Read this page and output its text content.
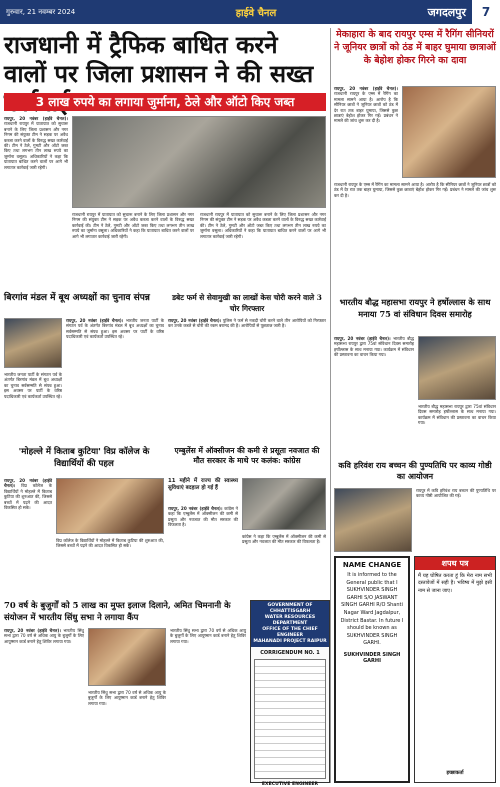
गुरुवार, 21 नवम्बर 2024	हाईवे चैनल	जगदलपुर	7
राजधानी में ट्रैफिक बाधित करने वालों पर जिला प्रशासन ने की सख्त
3 लाख रुपये का लगाया जुर्माना, ठेले और ऑटो किए जब्त
रायपुर, 20 नवंबर (हाईवे चैनल)। राजधानी रायपुर में यातायात को सुचारू बनाने के लिए जिला प्रशासन और नगर निगम की संयुक्त टीम ने सड़क पर अवैध कब्जा करने वालों के विरुद्ध सख्त कार्रवाई की। टीम ने ठेले, गुमटी और ऑटो जब्त किए तथा लगभग तीन लाख रुपये का जुर्माना वसूला। अधिकारियों ने कहा कि यातायात बाधित करने वालों पर आगे भी लगातार कार्रवाई जारी रहेगी।
राजधानी रायपुर में यातायात को सुचारू बनाने के लिए जिला प्रशासन और नगर निगम की संयुक्त टीम ने सड़क पर अवैध कब्जा करने वालों के विरुद्ध सख्त कार्रवाई की। टीम ने ठेले, गुमटी और ऑटो जब्त किए तथा लगभग तीन लाख रुपये का जुर्माना वसूला। अधिकारियों ने कहा कि यातायात बाधित करने वालों पर आगे भी लगातार कार्रवाई जारी रहेगी।
राजधानी रायपुर में यातायात को सुचारू बनाने के लिए जिला प्रशासन और नगर निगम की संयुक्त टीम ने सड़क पर अवैध कब्जा करने वालों के विरुद्ध सख्त कार्रवाई की। टीम ने ठेले, गुमटी और ऑटो जब्त किए तथा लगभग तीन लाख रुपये का जुर्माना वसूला। अधिकारियों ने कहा कि यातायात बाधित करने वालों पर आगे भी लगातार कार्रवाई जारी रहेगी।
मेकाहारा के बाद रायपुर एम्स में रैगिंग सीनियरों ने जूनियर छात्रों को ठंड में बाहर घुमाया छात्राओं के बेहोश होकर गिरने का दावा
रायपुर, 20 नवंबर (हाईवे चैनल)। राजधानी रायपुर के एम्स में रैगिंग का मामला सामने आया है। आरोप है कि सीनियर छात्रों ने जूनियर छात्रों को ठंड में देर रात तक बाहर घुमाया, जिससे कुछ छात्राएं बेहोश होकर गिर गईं। प्रबंधन ने मामले की जांच शुरू कर दी है।
राजधानी रायपुर के एम्स में रैगिंग का मामला सामने आया है। आरोप है कि सीनियर छात्रों ने जूनियर छात्रों को ठंड में देर रात तक बाहर घुमाया, जिससे कुछ छात्राएं बेहोश होकर गिर गईं। प्रबंधन ने मामले की जांच शुरू कर दी है।
बिरगांव मंडल में बूथ अध्यक्षों का चुनाव संपन्न
रायपुर, 20 नवंबर (हाईवे चैनल)। भारतीय जनता पार्टी के संगठन पर्व के अंतर्गत बिरगांव मंडल में बूथ अध्यक्षों का चुनाव सर्वसम्मति से संपन्न हुआ। इस अवसर पर पार्टी के वरिष्ठ पदाधिकारी एवं कार्यकर्ता उपस्थित रहे।
भारतीय जनता पार्टी के संगठन पर्व के अंतर्गत बिरगांव मंडल में बूथ अध्यक्षों का चुनाव सर्वसम्मति से संपन्न हुआ। इस अवसर पर पार्टी के वरिष्ठ पदाधिकारी एवं कार्यकर्ता उपस्थित रहे।
डबेट फर्म से सेवामुखी का लाखों केस चोरी करने वाले 3 चोर गिरफ्तार
रायपुर, 20 नवंबर (हाईवे चैनल)। पुलिस ने फर्म से नकदी चोरी करने वाले तीन आरोपियों को गिरफ्तार कर उनके कब्जे से चोरी की रकम बरामद की है। आरोपियों से पूछताछ जारी है।
भारतीय बौद्ध महासभा रायपुर ने हर्षोल्लास के साथ मनाया 75 वां संविधान दिवस समारोह
रायपुर, 20 नवंबर (हाईवे चैनल)। भारतीय बौद्ध महासभा रायपुर द्वारा 75वां संविधान दिवस समारोह हर्षोल्लास के साथ मनाया गया। कार्यक्रम में संविधान की प्रस्तावना का वाचन किया गया।
भारतीय बौद्ध महासभा रायपुर द्वारा 75वां संविधान दिवस समारोह हर्षोल्लास के साथ मनाया गया। कार्यक्रम में संविधान की प्रस्तावना का वाचन किया गया।
'मोहल्ले में किताब कुटिया' विप्र कॉलेज के विद्यार्थियों की पहल
रायपुर, 20 नवंबर (हाईवे चैनल)। विप्र कॉलेज के विद्यार्थियों ने मोहल्ले में किताब कुटिया की शुरुआत की, जिससे बच्चों में पढ़ने की आदत विकसित हो सके।
विप्र कॉलेज के विद्यार्थियों ने मोहल्ले में किताब कुटिया की शुरुआत की, जिससे बच्चों में पढ़ने की आदत विकसित हो सके।
एम्बुलेंस में ऑक्सीजन की कमी से प्रसूता नवजात की मौत सरकार के माथे पर कलंक: कांग्रेस
11 महीने में राज्य की स्वास्थ्य सुविधाएं बदहाल हो गई हैं
रायपुर, 20 नवंबर (हाईवे चैनल)। कांग्रेस ने कहा कि एम्बुलेंस में ऑक्सीजन की कमी से प्रसूता और नवजात की मौत सरकार की विफलता है।
कांग्रेस ने कहा कि एम्बुलेंस में ऑक्सीजन की कमी से प्रसूता और नवजात की मौत सरकार की विफलता है।
कवि हरिवंश राय बच्चन की पुण्यतिथि पर काव्य गोष्ठी का आयोजन
रायपुर में कवि हरिवंश राय बच्चन की पुण्यतिथि पर काव्य गोष्ठी आयोजित की गई।
70 वर्ष के बुजुर्गों को 5 लाख का मुफ्त इलाज दिलाने, अमित चिमनानी के संयोजन में भारतीय सिंधु सभा ने लगाया कैंप
रायपुर, 20 नवंबर (हाईवे चैनल)। भारतीय सिंधु सभा द्वारा 70 वर्ष से अधिक आयु के बुजुर्गों के लिए आयुष्मान कार्ड बनाने हेतु शिविर लगाया गया।
भारतीय सिंधु सभा द्वारा 70 वर्ष से अधिक आयु के बुजुर्गों के लिए आयुष्मान कार्ड बनाने हेतु शिविर लगाया गया।
भारतीय सिंधु सभा द्वारा 70 वर्ष से अधिक आयु के बुजुर्गों के लिए आयुष्मान कार्ड बनाने हेतु शिविर लगाया गया।
GOVERNMENT OF CHHATTISGARH
WATER RESOURCES DEPARTMENT
OFFICE OF THE CHIEF ENGINEER
MAHANADI PROJECT RAIPUR
CORRIGENDUM NO. 1
EXECUTIVE ENGINEER
NAME CHANGE
It is informed to the General public that I SUKHVINDER SINGH GARHI S/O JASWANT SINGH GARHI R/O Shanti Nagar Ward Jagdalpur, District Bastar. In future I should be known as SUKHVINDER SINGH GARHI.
SUKHVINDER SINGH GARHI
शपथ पत्र
मैं यह घोषित करता हूं कि मेरा नाम सभी दस्तावेजों में सही है। भविष्य में मुझे इसी नाम से जाना जाए।
इच्छाकर्ता
